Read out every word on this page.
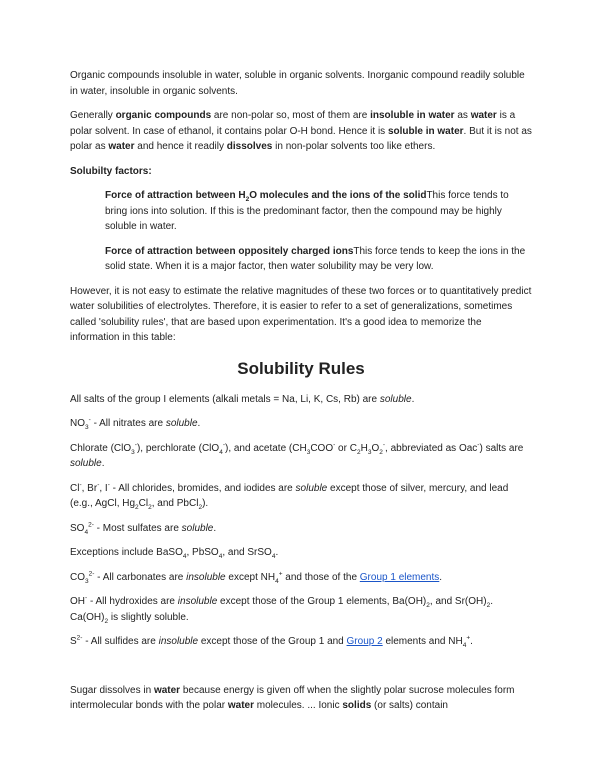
Organic compounds insoluble in water, soluble in organic solvents. Inorganic compound readily soluble in water, insoluble in organic solvents.

Generally organic compounds are non-polar so, most of them are insoluble in water as water is a polar solvent. In case of ethanol, it contains polar O-H bond. Hence it is soluble in water. But it is not as polar as water and hence it readily dissolves in non-polar solvents too like ethers.

Solubilty factors:

Force of attraction between $H_2O$ molecules and the ions of the solidThis force tends to bring ions into solution. If this is the predominant factor, then the compound may be highly soluble in water.

Force of attraction between oppositely charged ionsThis force tends to keep the ions in the solid state. When it is a major factor, then water solubility may be very low.

However, it is not easy to estimate the relative magnitudes of these two forces or to quantitatively predict water solubilities of electrolytes. Therefore, it is easier to refer to a set of generalizations, sometimes called 'solubility rules', that are based upon experimentation. It's a good idea to memorize the information in this table:

Solubility Rules

All salts of the group I elements (alkali metals = Na, Li, K, Cs, Rb) are soluble.

$NO_3^-$ - All nitrates are soluble.

Chlorate (ClO$_3$-), perchlorate (ClO$_4$-), and acetate ($CH_3COO^-$ or $C_2H_3O_2^-$, abbreviated as Oac-) salts are soluble.

Cl-, Br-, I- - All chlorides, bromides, and iodides are soluble except those of silver, mercury, and lead (e.g., AgCl, $Hg_2Cl_2$, and PbCl$_2$).

$SO_4^{2-}$ - Most sulfates are soluble.

Exceptions include BaSO$_4$, PbSO$_4$, and SrSO$_4$.

$CO_3^{2-}$ - All carbonates are insoluble except $NH_4^+$ and those of the Group 1 elements.

OH- - All hydroxides are insoluble except those of the Group 1 elements, $Ba(OH)_2$, and $Sr(OH)_2$. $Ca(OH)_2$ is slightly soluble.

$S^{2-}$ - All sulfides are insoluble except those of the Group 1 and Group 2 elements and $NH_4^+$.

Sugar dissolves in water because energy is given off when the slightly polar sucrose molecules form intermolecular bonds with the polar water molecules. ... Ionic solids (or salts) contain
